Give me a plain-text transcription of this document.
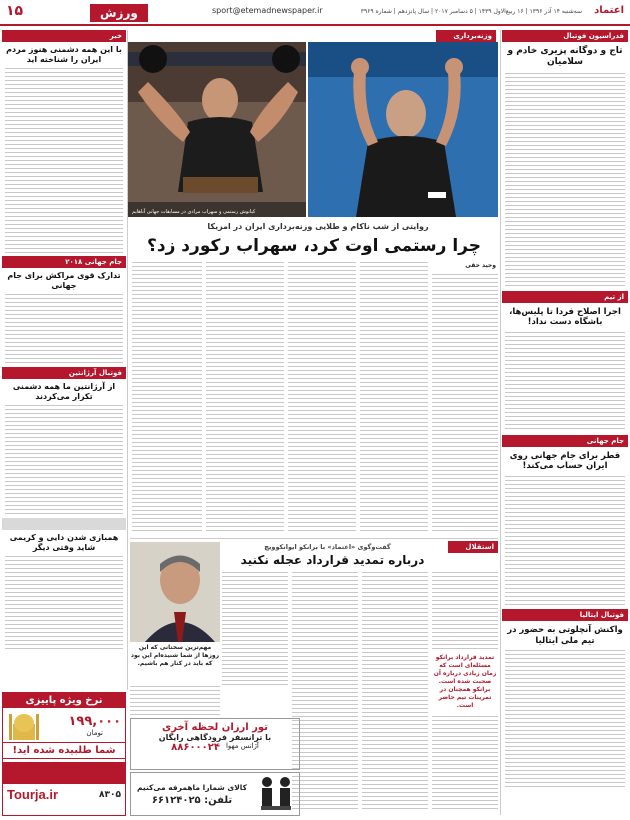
۱۵	ورزش	sport@etemadnewspaper.ir	سه‌شنبه ۱۴ آذر ۱۳۹۶ | ۱۶ ربیع‌الاول ۱۴۳۹ | ۵ دسامبر ۲۰۱۷ | سال پانزدهم | شماره ۳۹۶۹ اعتماد
فدراسیون فوتبال
تاج و دوگانه پزیری خادم و سلامیان
از تیم
اجرا اصلاح فردا تا پلیس‌ها، باشگاه دست نداد!
جام جهانی
قطر برای جام جهانی روی ایران حساب می‌کند!
فوتبال ایتالیا
واکنش آنچلوتی به حضور در تیم ملی ایتالیا
وزنه‌برداری
کیانوش رستمی و سهراب مرادی در مسابقات جهانی آناهایم
روایتی از شب ناکام و طلایی وزنه‌برداری ایران در امریکا
چرا رستمی اوت کرد، سهراب رکورد زد؟
وحید حقی
استقلال
گفت‌وگوی «اعتماد» با برانکو ایوانکوویچ
درباره تمدید قرارداد عجله نکنید
تمدید قرارداد برانکو مسئله‌ای است که زمان زیادی درباره آن صحبت شده است. برانکو همچنان در تمرینات تیم حاضر است.
مهم‌ترین سخنانی که این روزها از شما شنیده‌ام این بود که باید در کنار هم باشیم.
خبر
با این همه دشمنی هنوز مردم ایران را شناخته اید
جام جهانی ۲۰۱۸
تدارک قوی مراکش برای جام جهانی
فوتبال آرژانتین
از آرژانتین ما همه دشمنی تکرار می‌کردند
همبازی شدن دایی و کریمی شاید وقتی دیگر
نرخ ویژه پاییزی
۱۹۹,۰۰۰
تومان
شما طلبیده شده اید!
Tourja.ir	۸۳۰۵
تور ارزان لحظه آخری
با ترانسفر فرودگاهی رایگان
آژانس مهوا
۸۸۶۰۰۰۲۴
کالای شمارا ماهمرفه می‌کنیم
تلفن: ۶۶۱۲۴۰۲۵
